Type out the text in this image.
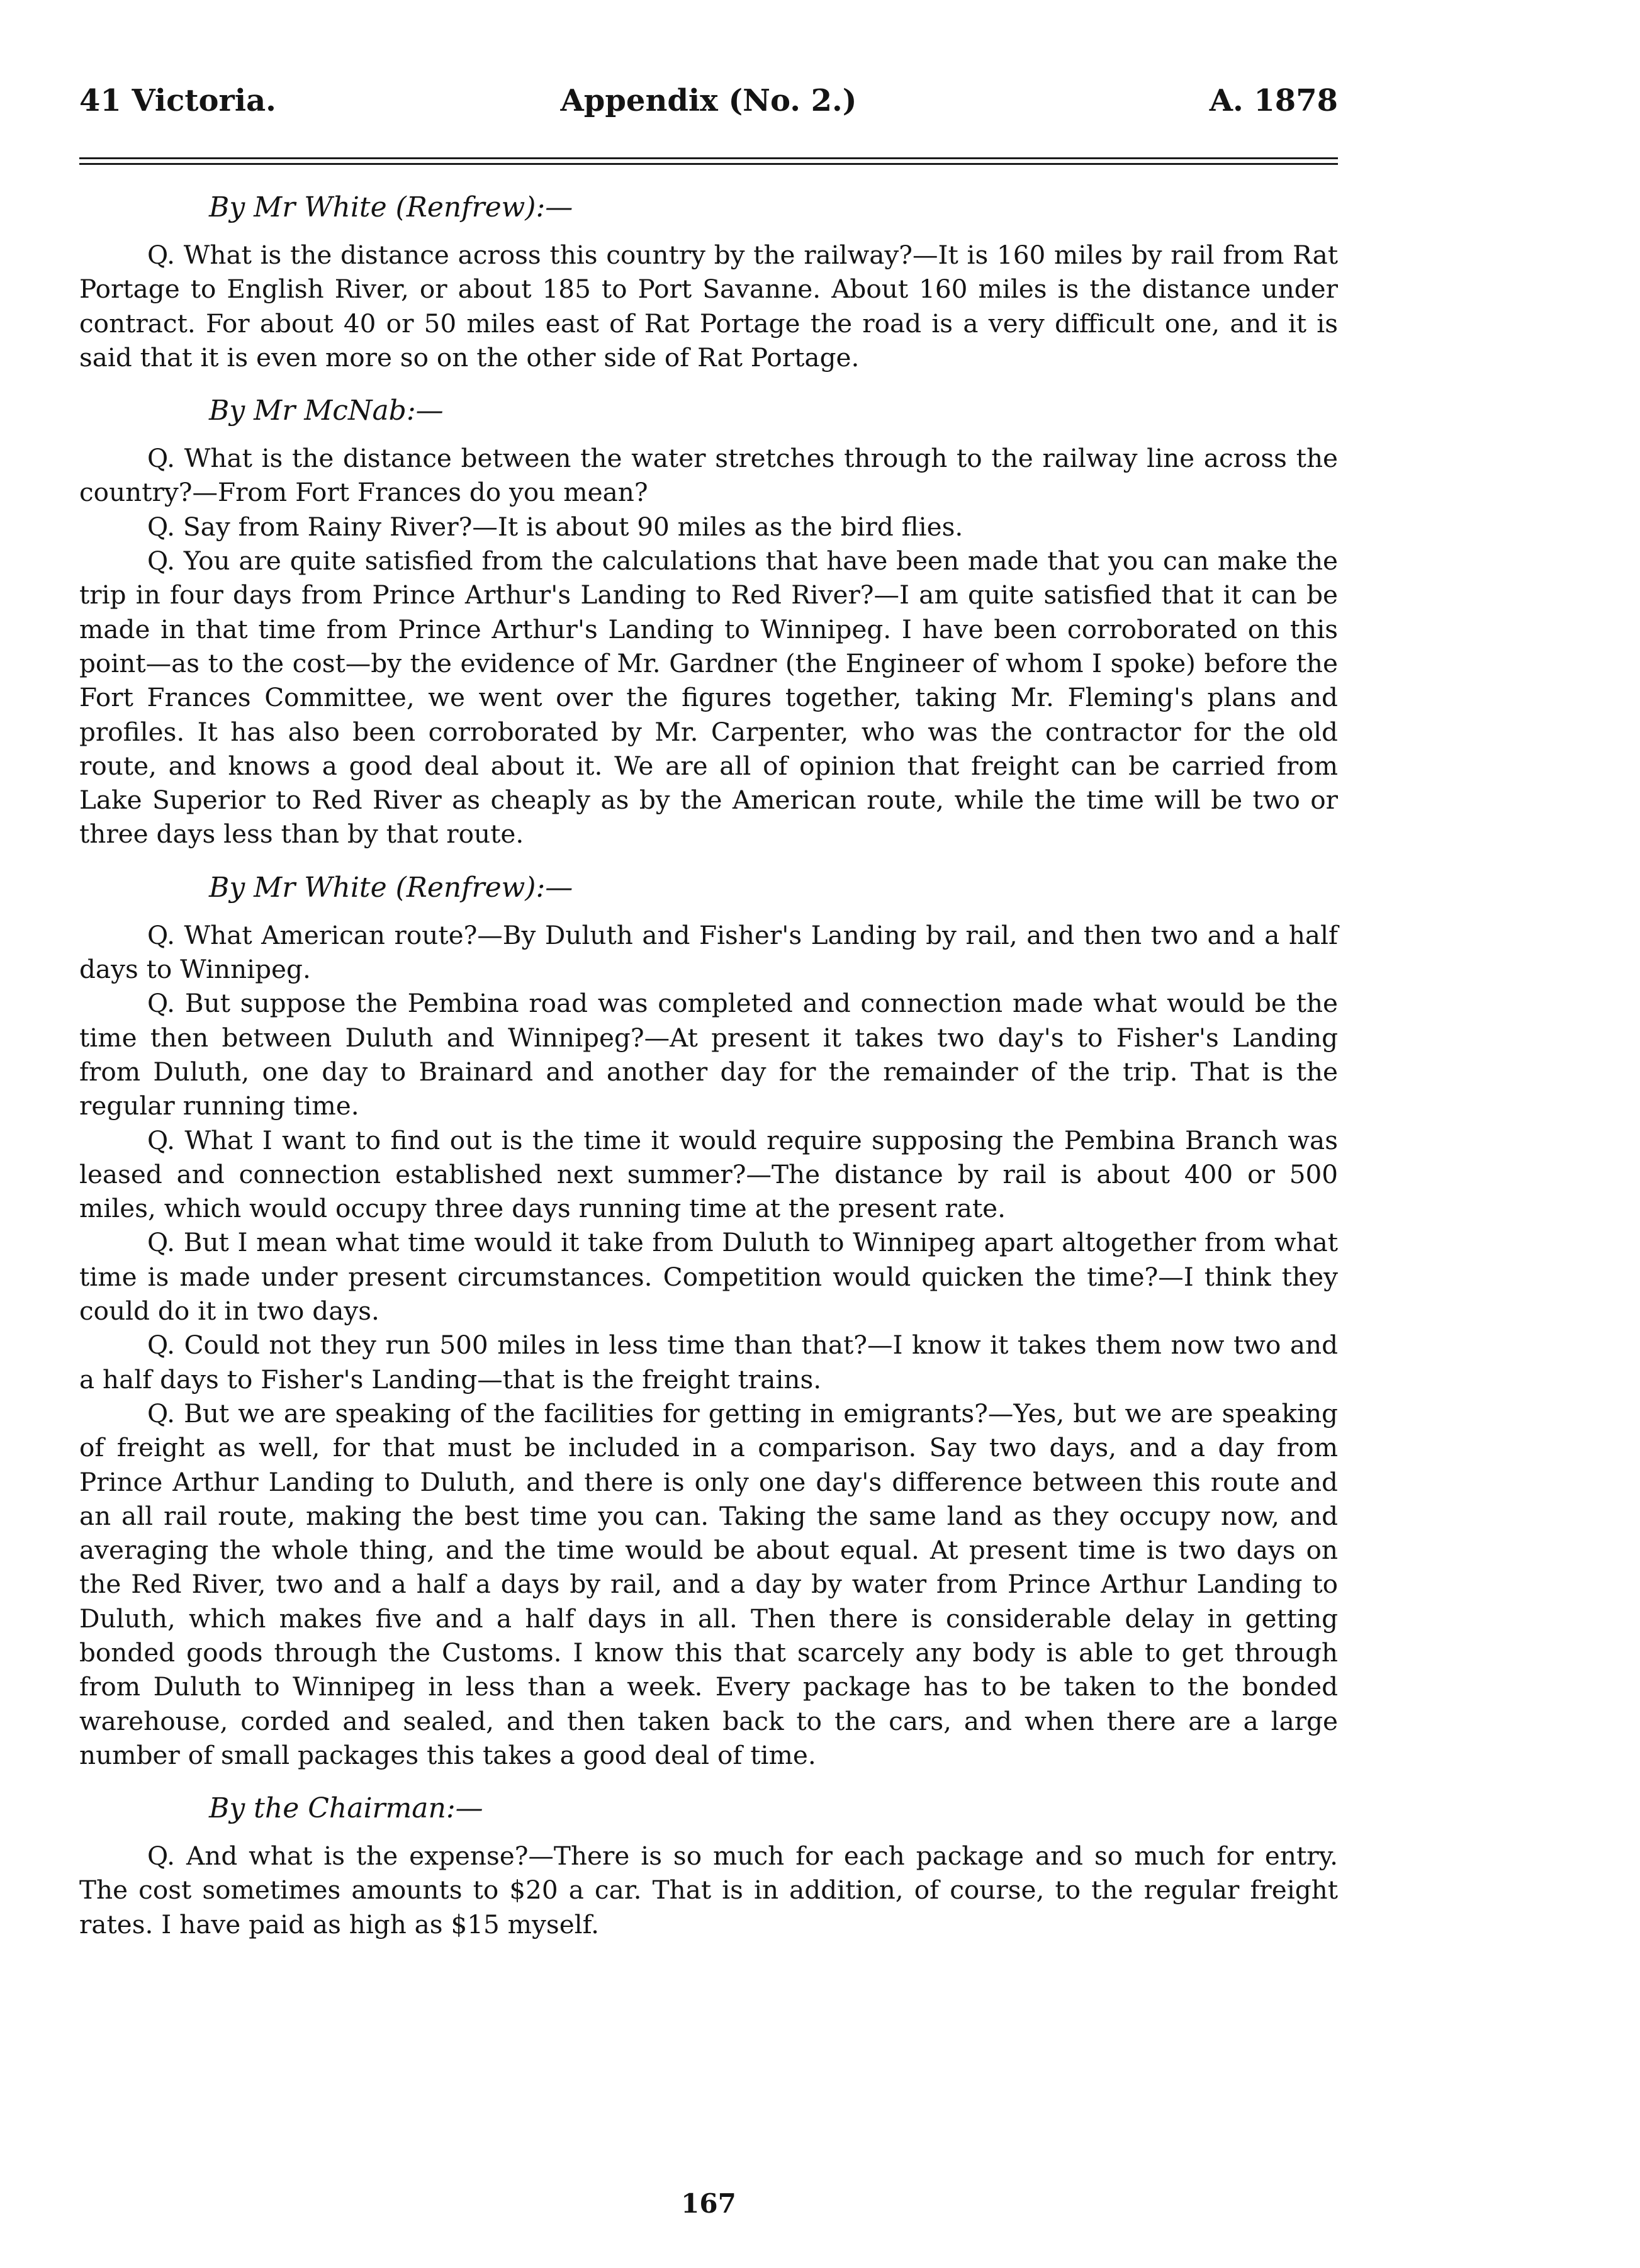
41 Victoria.	Appendix (No. 2.)	A. 1878
By Mr White (Renfrew):—

Q. What is the distance across this country by the railway?—It is 160 miles by rail from Rat Portage to English River, or about 185 to Port Savanne. About 160 miles is the distance under contract. For about 40 or 50 miles east of Rat Portage the road is a very difficult one, and it is said that it is even more so on the other side of Rat Portage.

By Mr McNab:—

Q. What is the distance between the water stretches through to the railway line across the country?—From Fort Frances do you mean?

Q. Say from Rainy River?—It is about 90 miles as the bird flies.

Q. You are quite satisfied from the calculations that have been made that you can make the trip in four days from Prince Arthur's Landing to Red River?—I am quite satisfied that it can be made in that time from Prince Arthur's Landing to Winnipeg. I have been corroborated on this point—as to the cost—by the evidence of Mr. Gardner (the Engineer of whom I spoke) before the Fort Frances Committee, we went over the figures together, taking Mr. Fleming's plans and profiles. It has also been corroborated by Mr. Carpenter, who was the contractor for the old route, and knows a good deal about it. We are all of opinion that freight can be carried from Lake Superior to Red River as cheaply as by the American route, while the time will be two or three days less than by that route.

By Mr White (Renfrew):—

Q. What American route?—By Duluth and Fisher's Landing by rail, and then two and a half days to Winnipeg.

Q. But suppose the Pembina road was completed and connection made what would be the time then between Duluth and Winnipeg?—At present it takes two day's to Fisher's Landing from Duluth, one day to Brainard and another day for the remainder of the trip. That is the regular running time.

Q. What I want to find out is the time it would require supposing the Pembina Branch was leased and connection established next summer?—The distance by rail is about 400 or 500 miles, which would occupy three days running time at the present rate.

Q. But I mean what time would it take from Duluth to Winnipeg apart altogether from what time is made under present circumstances. Competition would quicken the time?—I think they could do it in two days.

Q. Could not they run 500 miles in less time than that?—I know it takes them now two and a half days to Fisher's Landing—that is the freight trains.

Q. But we are speaking of the facilities for getting in emigrants?—Yes, but we are speaking of freight as well, for that must be included in a comparison. Say two days, and a day from Prince Arthur Landing to Duluth, and there is only one day's difference between this route and an all rail route, making the best time you can. Taking the same land as they occupy now, and averaging the whole thing, and the time would be about equal. At present time is two days on the Red River, two and a half a days by rail, and a day by water from Prince Arthur Landing to Duluth, which makes five and a half days in all. Then there is considerable delay in getting bonded goods through the Customs. I know this that scarcely any body is able to get through from Duluth to Winnipeg in less than a week. Every package has to be taken to the bonded warehouse, corded and sealed, and then taken back to the cars, and when there are a large number of small packages this takes a good deal of time.

By the Chairman:—

Q. And what is the expense?—There is so much for each package and so much for entry. The cost sometimes amounts to $20 a car. That is in addition, of course, to the regular freight rates. I have paid as high as $15 myself.

167
